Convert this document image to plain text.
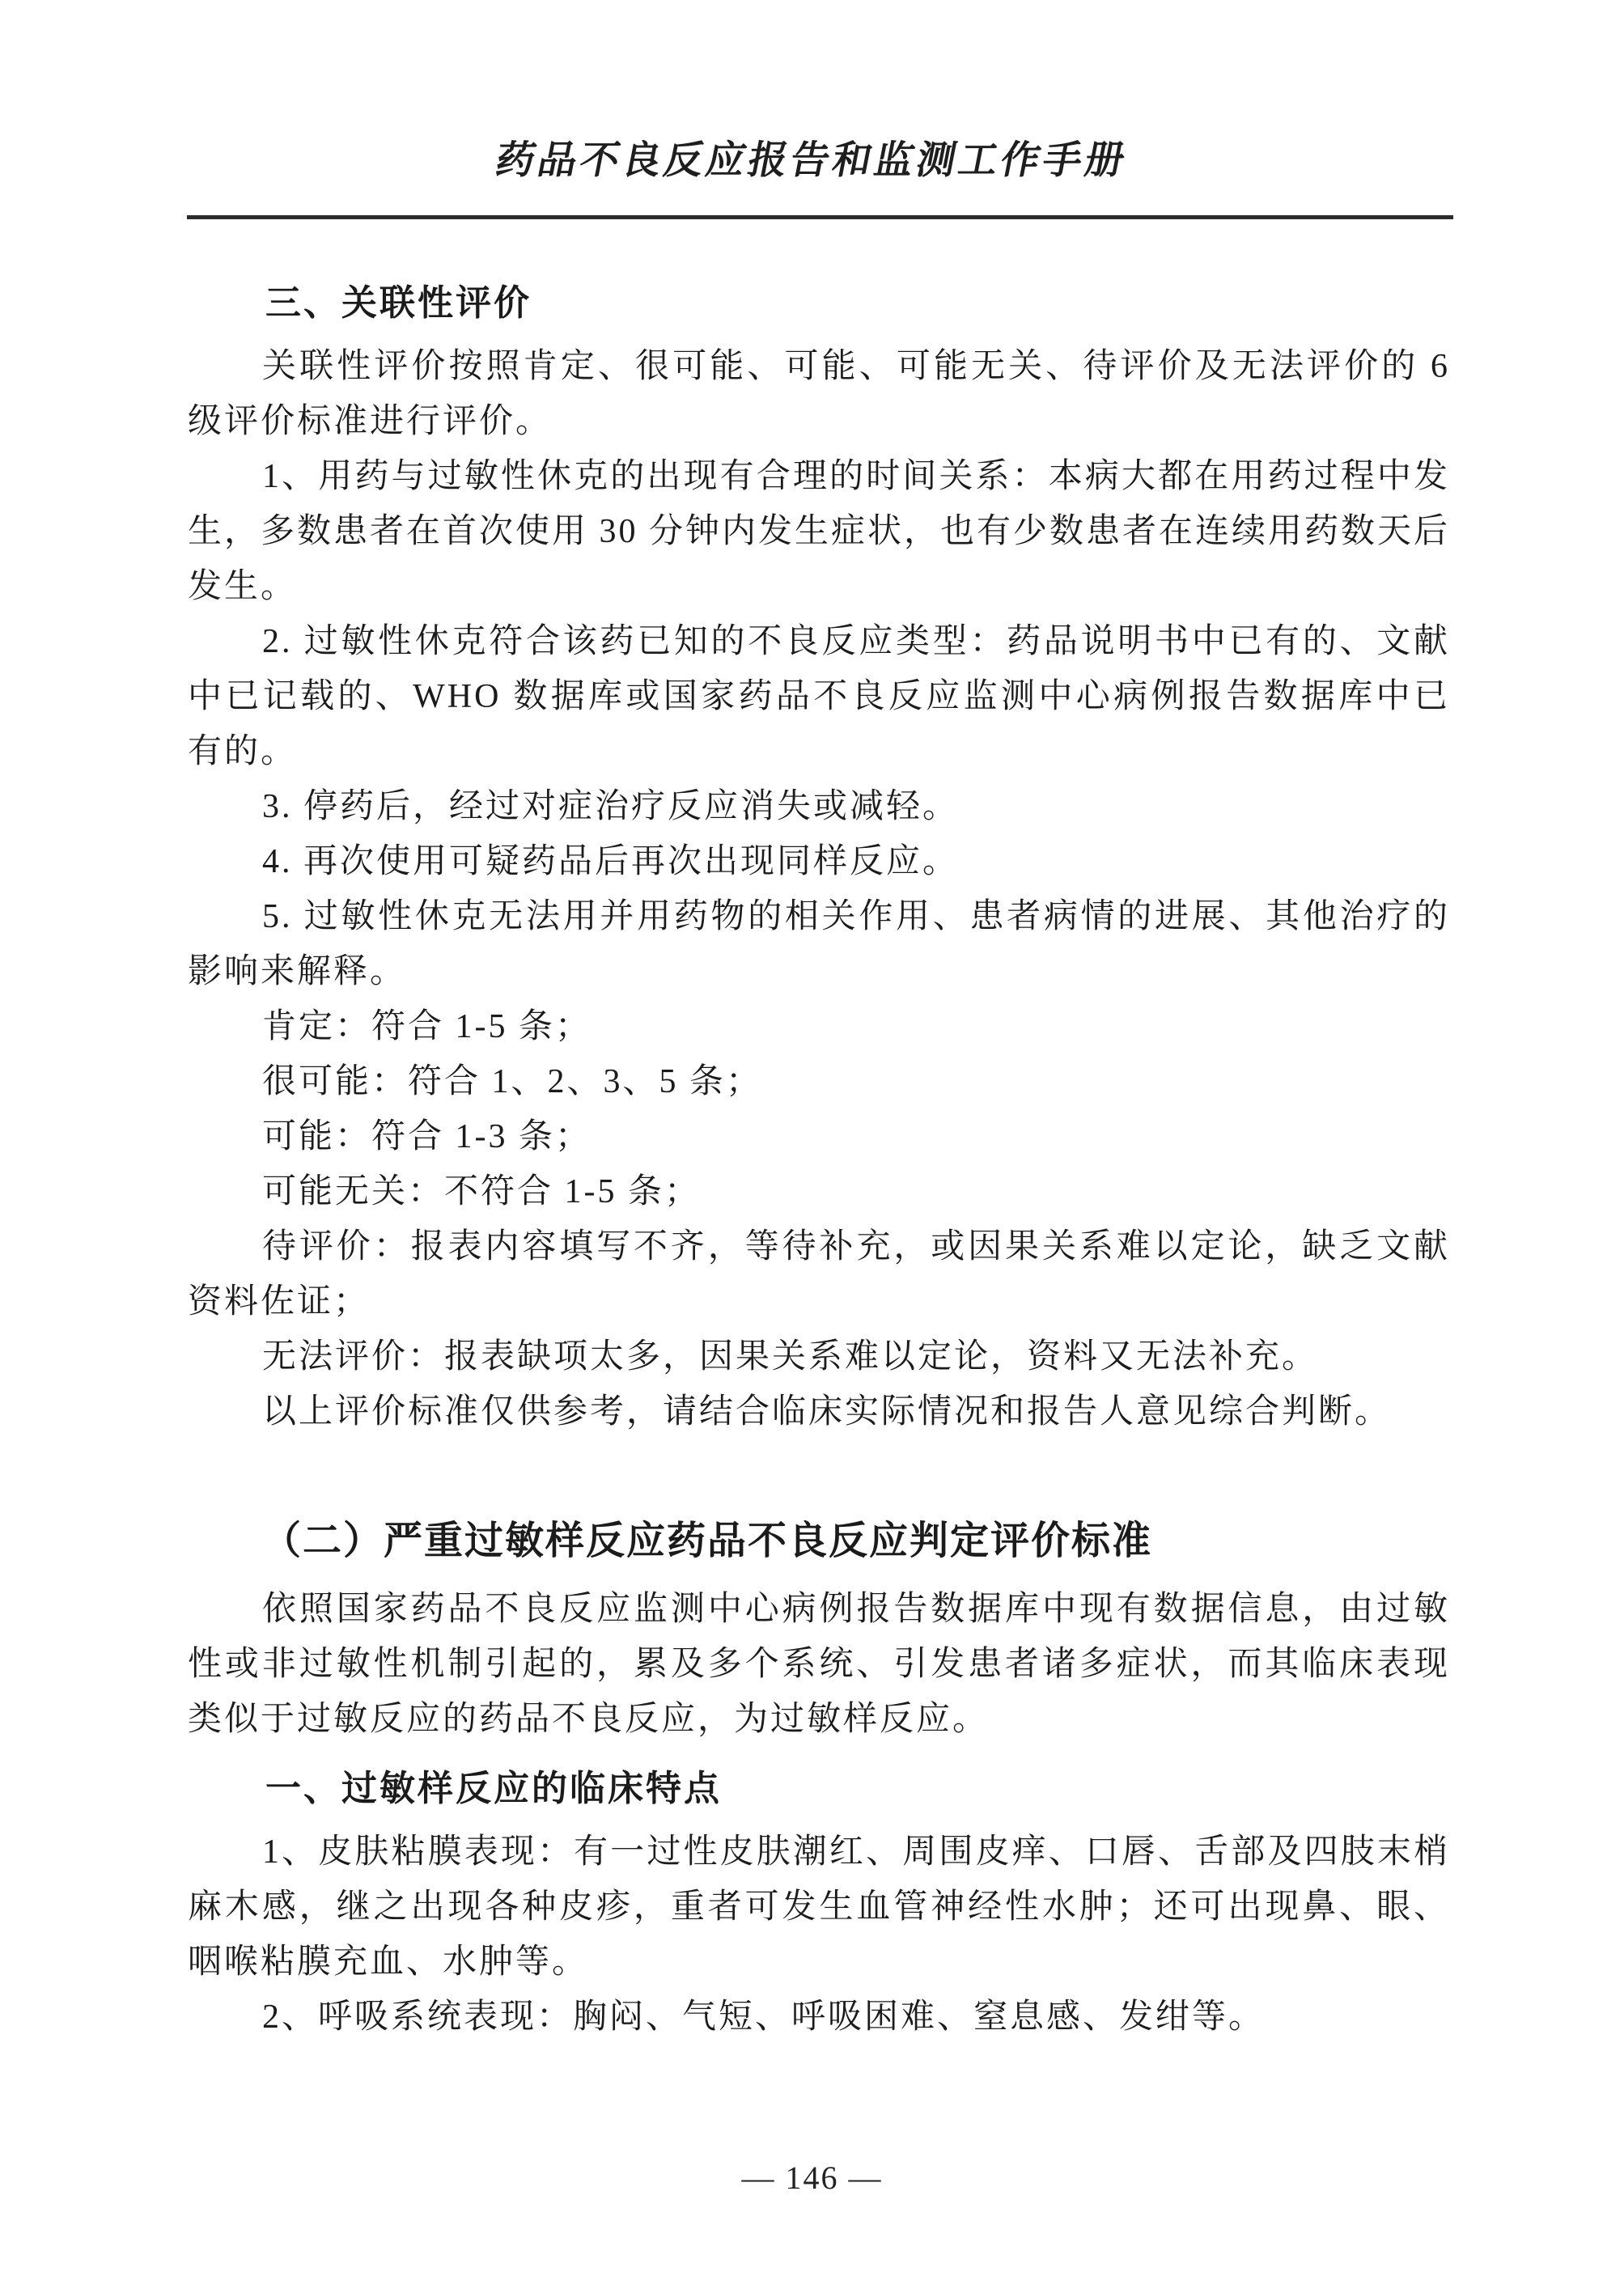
药品不良反应报告和监测工作手册
三、关联性评价

关联性评价按照肯定、很可能、可能、可能无关、待评价及无法评价的 6 级评价标准进行评价。

1、用药与过敏性休克的出现有合理的时间关系：本病大都在用药过程中发生，多数患者在首次使用 30 分钟内发生症状，也有少数患者在连续用药数天后发生。

2. 过敏性休克符合该药已知的不良反应类型：药品说明书中已有的、文献中已记载的、WHO 数据库或国家药品不良反应监测中心病例报告数据库中已有的。

3. 停药后，经过对症治疗反应消失或减轻。

4. 再次使用可疑药品后再次出现同样反应。

5. 过敏性休克无法用并用药物的相关作用、患者病情的进展、其他治疗的影响来解释。

肯定：符合 1-5 条；

很可能：符合 1、2、3、5 条；

可能：符合 1-3 条；

可能无关：不符合 1-5 条；

待评价：报表内容填写不齐，等待补充，或因果关系难以定论，缺乏文献资料佐证；

无法评价：报表缺项太多，因果关系难以定论，资料又无法补充。

以上评价标准仅供参考，请结合临床实际情况和报告人意见综合判断。

（二）严重过敏样反应药品不良反应判定评价标准

依照国家药品不良反应监测中心病例报告数据库中现有数据信息，由过敏性或非过敏性机制引起的，累及多个系统、引发患者诸多症状，而其临床表现类似于过敏反应的药品不良反应，为过敏样反应。

一、过敏样反应的临床特点

1、皮肤粘膜表现：有一过性皮肤潮红、周围皮痒、口唇、舌部及四肢末梢麻木感，继之出现各种皮疹，重者可发生血管神经性水肿；还可出现鼻、眼、咽喉粘膜充血、水肿等。

2、呼吸系统表现：胸闷、气短、呼吸困难、窒息感、发绀等。

— 146 —
